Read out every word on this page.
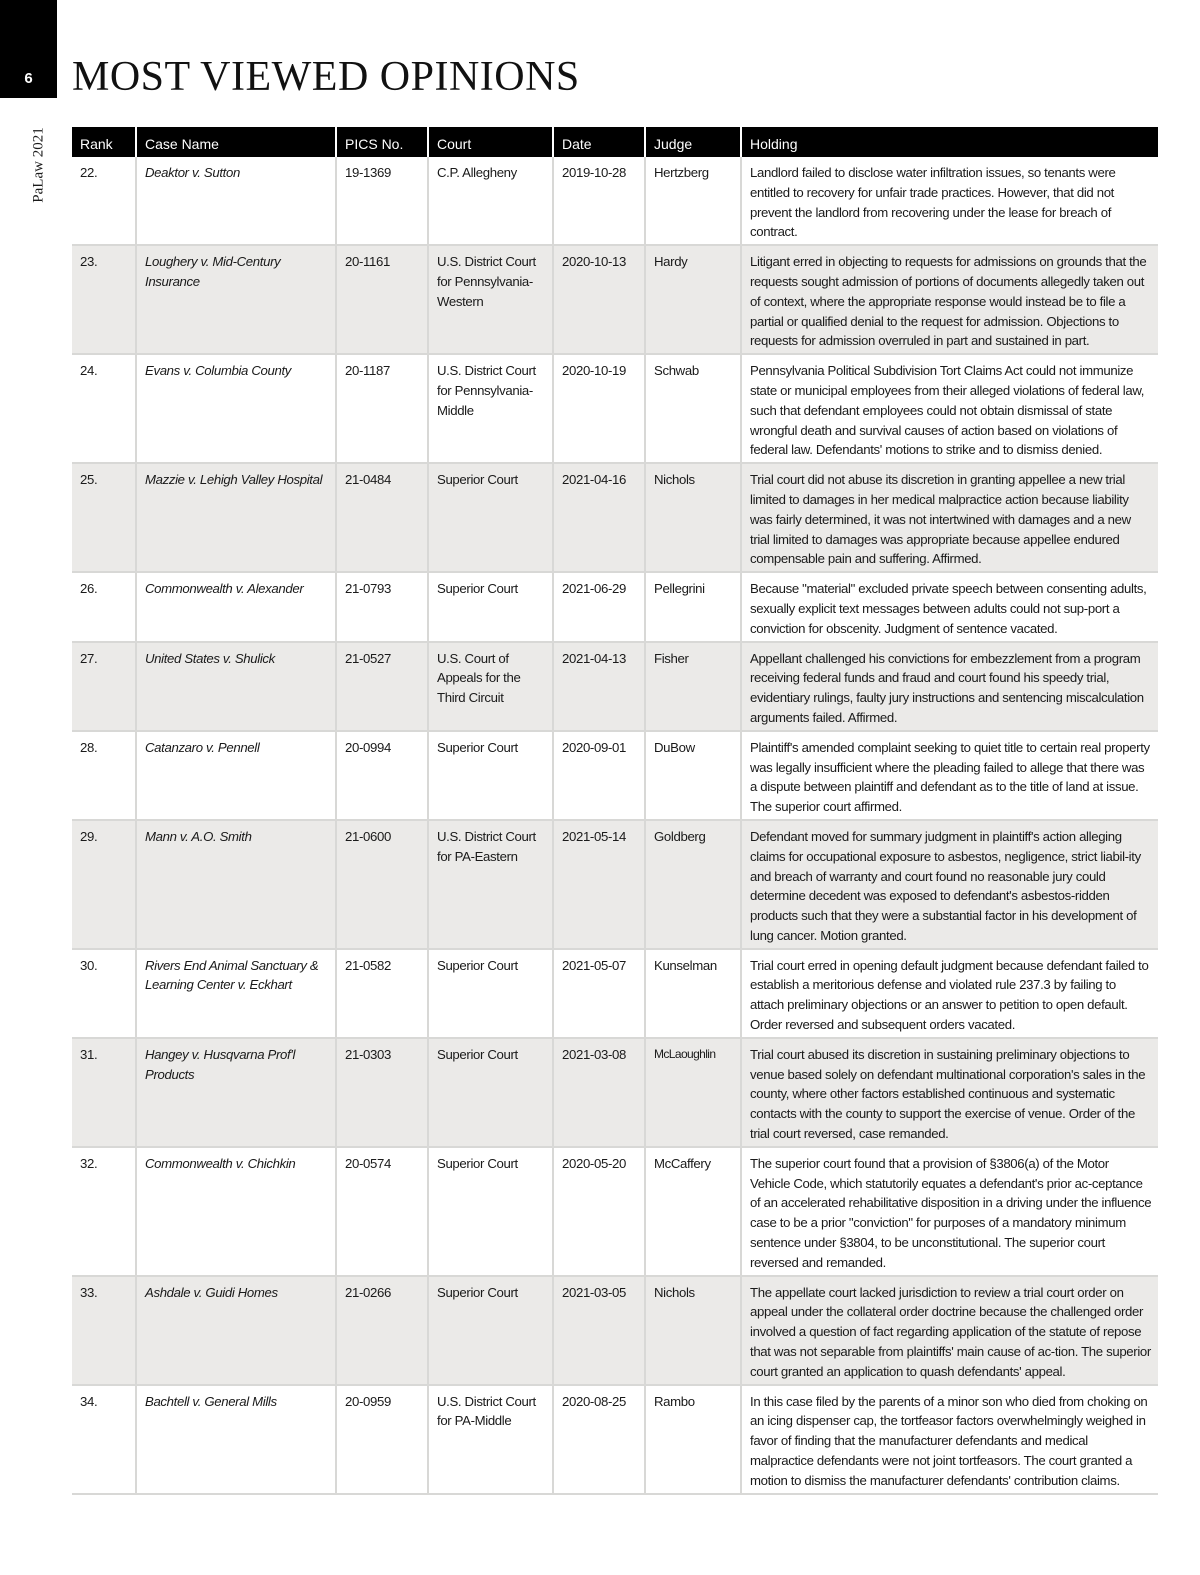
6
PaLaw 2021
MOST VIEWED OPINIONS
Rank	Case Name	PICS No.	Court	Date	Judge	Holding
22.	Deaktor v. Sutton	19-1369	C.P. Allegheny	2019-10-28	Hertzberg	Landlord failed to disclose water infiltration issues, so tenants were entitled to recovery for unfair trade practices. However, that did not prevent the landlord from recovering under the lease for breach of contract.
23.	Loughery v. Mid-Century Insurance	20-1161	U.S. District Court for Pennsylvania-Western	2020-10-13	Hardy	Litigant erred in objecting to requests for admissions on grounds that the requests sought admission of portions of documents allegedly taken out of context, where the appropriate response would instead be to file a partial or qualified denial to the request for admission. Objections to requests for admission overruled in part and sustained in part.
24.	Evans v. Columbia County	20-1187	U.S. District Court for Pennsylvania-Middle	2020-10-19	Schwab	Pennsylvania Political Subdivision Tort Claims Act could not immunize state or municipal employees from their alleged violations of federal law, such that defendant employees could not obtain dismissal of state wrongful death and survival causes of action based on violations of federal law. Defendants' motions to strike and to dismiss denied.
25.	Mazzie v. Lehigh Valley Hospital	21-0484	Superior Court	2021-04-16	Nichols	Trial court did not abuse its discretion in granting appellee a new trial limited to damages in her medical malpractice action because liability was fairly determined, it was not intertwined with damages and a new trial limited to damages was appropriate because appellee endured compensable pain and suffering. Affirmed.
26.	Commonwealth v. Alexander	21-0793	Superior Court	2021-06-29	Pellegrini	Because "material" excluded private speech between consenting adults, sexually explicit text messages between adults could not sup-port a conviction for obscenity. Judgment of sentence vacated.
27.	United States v. Shulick	21-0527	U.S. Court of Appeals for the Third Circuit	2021-04-13	Fisher	Appellant challenged his convictions for embezzlement from a program receiving federal funds and fraud and court found his speedy trial, evidentiary rulings, faulty jury instructions and sentencing miscalculation arguments failed. Affirmed.
28.	Catanzaro v. Pennell	20-0994	Superior Court	2020-09-01	DuBow	Plaintiff's amended complaint seeking to quiet title to certain real property was legally insufficient where the pleading failed to allege that there was a dispute between plaintiff and defendant as to the title of land at issue. The superior court affirmed.
29.	Mann v. A.O. Smith	21-0600	U.S. District Court for PA-Eastern	2021-05-14	Goldberg	Defendant moved for summary judgment in plaintiff's action alleging claims for occupational exposure to asbestos, negligence, strict liabil-ity and breach of warranty and court found no reasonable jury could determine decedent was exposed to defendant's asbestos-ridden products such that they were a substantial factor in his development of lung cancer. Motion granted.
30.	Rivers End Animal Sanctuary & Learning Center v. Eckhart	21-0582	Superior Court	2021-05-07	Kunselman	Trial court erred in opening default judgment because defendant failed to establish a meritorious defense and violated rule 237.3 by failing to attach preliminary objections or an answer to petition to open default. Order reversed and subsequent orders vacated.
31.	Hangey v. Husqvarna Prof'l Products	21-0303	Superior Court	2021-03-08	McLaoughlin	Trial court abused its discretion in sustaining preliminary objections to venue based solely on defendant multinational corporation's sales in the county, where other factors established continuous and systematic contacts with the county to support the exercise of venue. Order of the trial court reversed, case remanded.
32.	Commonwealth v. Chichkin	20-0574	Superior Court	2020-05-20	McCaffery	The superior court found that a provision of §3806(a) of the Motor Vehicle Code, which statutorily equates a defendant's prior ac-ceptance of an accelerated rehabilitative disposition in a driving under the influence case to be a prior "conviction" for purposes of a mandatory minimum sentence under §3804, to be unconstitutional. The superior court reversed and remanded.
33.	Ashdale v. Guidi Homes	21-0266	Superior Court	2021-03-05	Nichols	The appellate court lacked jurisdiction to review a trial court order on appeal under the collateral order doctrine because the challenged order involved a question of fact regarding application of the statute of repose that was not separable from plaintiffs' main cause of ac-tion. The superior court granted an application to quash defendants' appeal.
34.	Bachtell v. General Mills	20-0959	U.S. District Court for PA-Middle	2020-08-25	Rambo	In this case filed by the parents of a minor son who died from choking on an icing dispenser cap, the tortfeasor factors overwhelmingly weighed in favor of finding that the manufacturer defendants and medical malpractice defendants were not joint tortfeasors. The court granted a motion to dismiss the manufacturer defendants' contribution claims.
